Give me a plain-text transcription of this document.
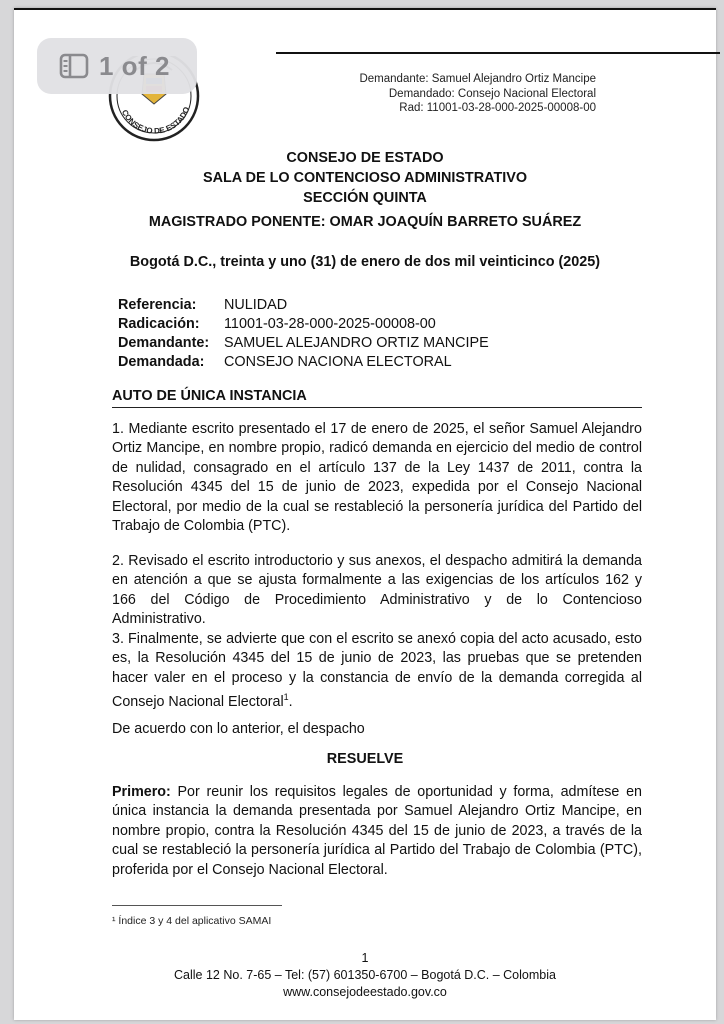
CONSEJO DE ESTADO
Demandante: Samuel Alejandro Ortiz Mancipe
Demandado: Consejo Nacional Electoral
Rad: 11001-03-28-000-2025-00008-00
CONSEJO DE ESTADO
SALA DE LO CONTENCIOSO ADMINISTRATIVO
SECCIÓN QUINTA
MAGISTRADO PONENTE: OMAR JOAQUÍN BARRETO SUÁREZ
Bogotá D.C., treinta y uno (31) de enero de dos mil veinticinco (2025)
Referencia:	NULIDAD
Radicación:	11001-03-28-000-2025-00008-00
Demandante:	SAMUEL ALEJANDRO ORTIZ MANCIPE
Demandada:	CONSEJO NACIONA ELECTORAL
AUTO DE ÚNICA INSTANCIA
1. Mediante escrito presentado el 17 de enero de 2025, el señor Samuel Alejandro Ortiz Mancipe, en nombre propio, radicó demanda en ejercicio del medio de control de nulidad, consagrado en el artículo 137 de la Ley 1437 de 2011, contra la Resolución 4345 del 15 de junio de 2023, expedida por el Consejo Nacional Electoral, por medio de la cual se restableció la personería jurídica del Partido del Trabajo de Colombia (PTC).
2. Revisado el escrito introductorio y sus anexos, el despacho admitirá la demanda en atención a que se ajusta formalmente a las exigencias de los artículos 162 y 166 del Código de Procedimiento Administrativo y de lo Contencioso Administrativo.
3. Finalmente, se advierte que con el escrito se anexó copia del acto acusado, esto es, la Resolución 4345 del 15 de junio de 2023, las pruebas que se pretenden hacer valer en el proceso y la constancia de envío de la demanda corregida al Consejo Nacional Electoral$^1$.
De acuerdo con lo anterior, el despacho
RESUELVE
Primero: Por reunir los requisitos legales de oportunidad y forma, admítese en única instancia la demanda presentada por Samuel Alejandro Ortiz Mancipe, en nombre propio, contra la Resolución 4345 del 15 de junio de 2023, a través de la cual se restableció la personería jurídica al Partido del Trabajo de Colombia (PTC), proferida por el Consejo Nacional Electoral.
¹ Índice 3 y 4 del aplicativo SAMAI
1
Calle 12 No. 7-65 – Tel: (57) 601350-6700 – Bogotá D.C. – Colombia
www.consejodeestado.gov.co
1 of 2
